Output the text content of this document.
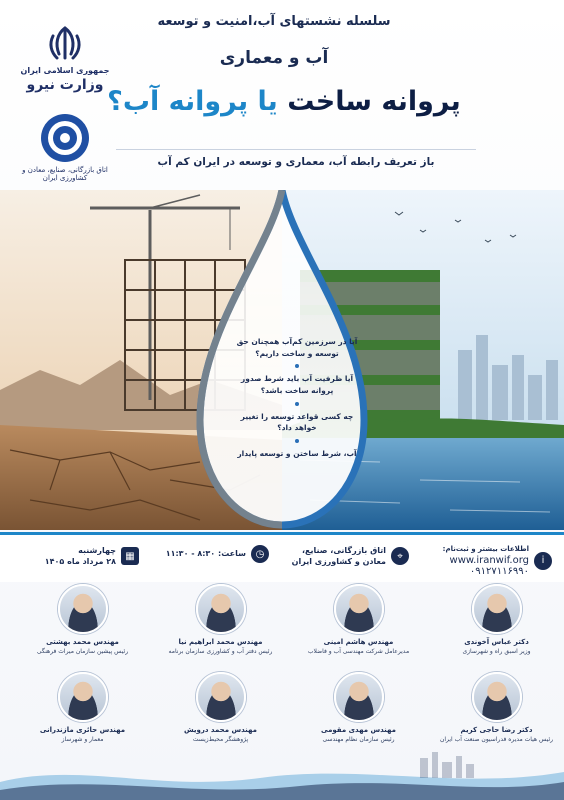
سلسله نشستهای آب،امنیت و توسعه
آب و معماری
پروانه ساخت یا پروانه آب؟
باز تعریف رابطه آب، معماری و توسعه در ایران کم آب
جمهوری اسلامی ایران
وزارت نیرو
اتاق بازرگانی، صنایع، معادن و کشاورزی ایران
آیا در سرزمین کم‌آب همچنان حق توسعه و ساخت داریم؟
آیا ظرفیت آب باید شرط صدور پروانه ساخت باشد؟
چه کسی قواعد توسعه را تغییر خواهد داد؟
آب، شرط ساختن و توسعه پایدار
i
اطلاعات بیشتر و ثبت‌نام:
www.iranwif.org
۰۹۱۲۷۱۱۶۹۹۰
⌖
اتاق بازرگانی، صنایع،
معادن و کشاورزی ایران
◷
ساعت: ۸:۳۰ - ۱۱:۳۰
▦
چهارشنبه
۲۸ مرداد ماه ۱۴۰۵
دکتر عباس آخوندی
وزیر اسبق راه و شهرسازی
مهندس هاشم امینی
مدیرعامل شرکت مهندسی آب و فاضلاب
مهندس محمد ابراهیم نیا
رئیس دفتر آب و کشاورزی سازمان برنامه
مهندس محمد بهشتی
رئیس پیشین سازمان میراث فرهنگی
دکتر رضا حاجی کریم
رئیس هیات مدیره فدراسیون صنعت آب ایران
مهندس مهدی مقومی
رئیس سازمان نظام مهندسی
مهندس محمد درویش
پژوهشگر محیط‌زیست
مهندس حائری مازندرانی
معمار و شهرساز
